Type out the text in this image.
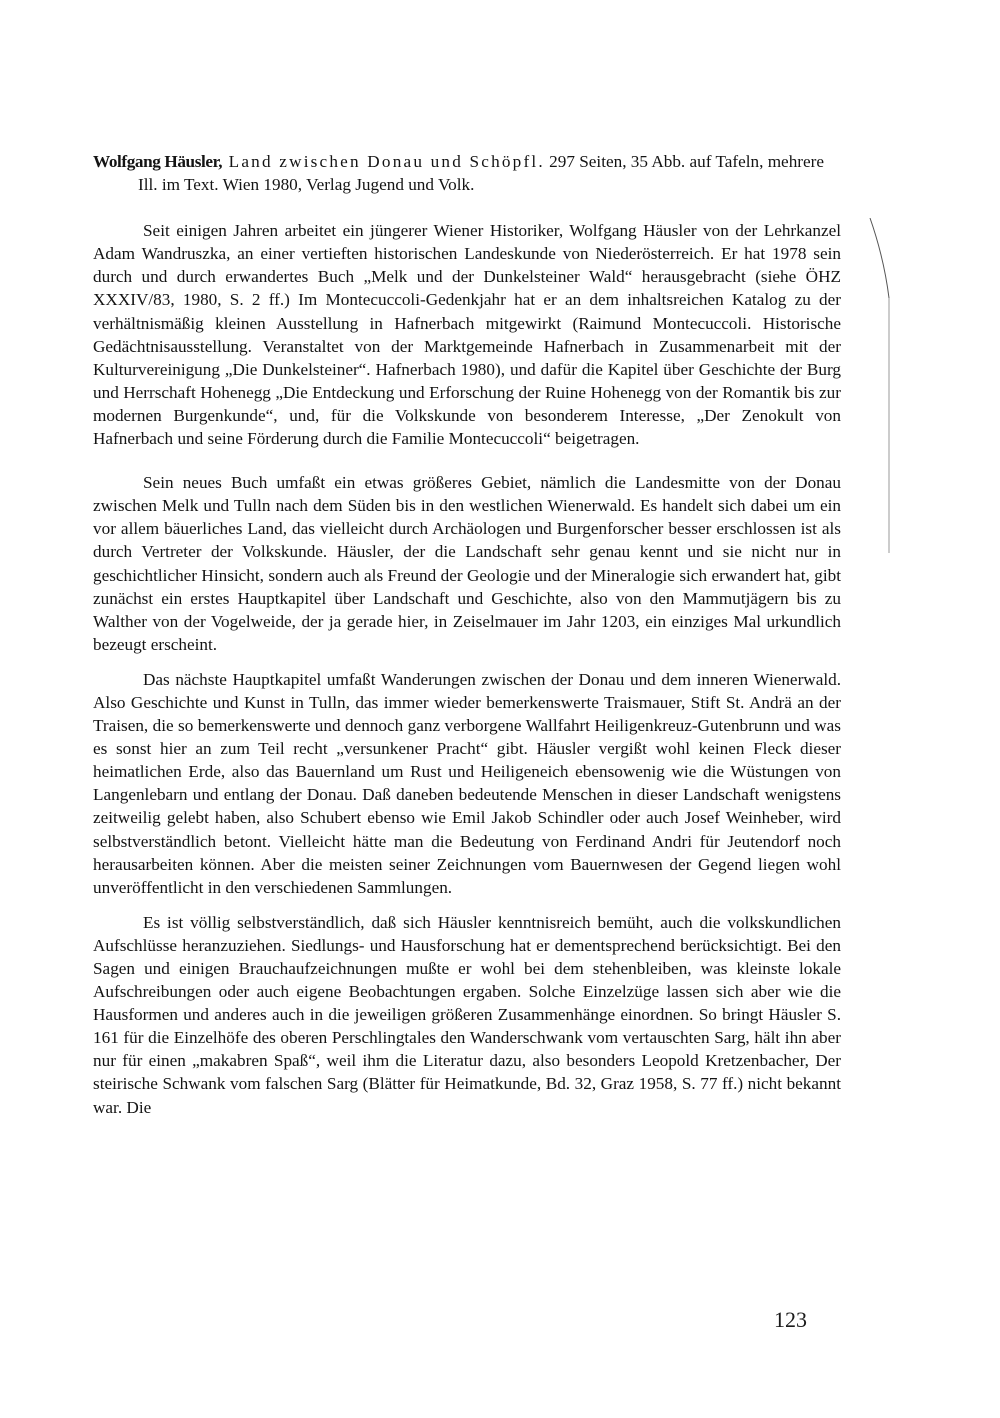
Wolfgang Häusler, Land zwischen Donau und Schöpfl. 297 Seiten, 35 Abb. auf Tafeln, mehrere Ill. im Text. Wien 1980, Verlag Jugend und Volk.

Seit einigen Jahren arbeitet ein jüngerer Wiener Historiker, Wolfgang Häusler von der Lehrkanzel Adam Wandruszka, an einer vertieften historischen Landeskunde von Niederösterreich. Er hat 1978 sein durch und durch erwandertes Buch „Melk und der Dunkelsteiner Wald“ herausgebracht (siehe ÖHZ XXXIV/83, 1980, S. 2 ff.) Im Montecuccoli-Gedenkjahr hat er an dem inhaltsreichen Katalog zu der verhältnismäßig kleinen Ausstellung in Hafnerbach mitgewirkt (Raimund Montecuccoli. Historische Gedächtnisausstellung. Veranstaltet von der Marktgemeinde Hafnerbach in Zusammenarbeit mit der Kulturvereinigung „Die Dunkelsteiner“. Hafnerbach 1980), und dafür die Kapitel über Geschichte der Burg und Herrschaft Hohenegg „Die Entdeckung und Erforschung der Ruine Hohenegg von der Romantik bis zur modernen Burgenkunde“, und, für die Volkskunde von besonderem Interesse, „Der Zenokult von Hafnerbach und seine Förderung durch die Familie Montecuccoli“ beigetragen.

Sein neues Buch umfaßt ein etwas größeres Gebiet, nämlich die Landesmitte von der Donau zwischen Melk und Tulln nach dem Süden bis in den westlichen Wienerwald. Es handelt sich dabei um ein vor allem bäuerliches Land, das vielleicht durch Archäologen und Burgenforscher besser erschlossen ist als durch Vertreter der Volkskunde. Häusler, der die Landschaft sehr genau kennt und sie nicht nur in geschichtlicher Hinsicht, sondern auch als Freund der Geologie und der Mineralogie sich erwandert hat, gibt zunächst ein erstes Hauptkapitel über Landschaft und Geschichte, also von den Mammutjägern bis zu Walther von der Vogelweide, der ja gerade hier, in Zeiselmauer im Jahr 1203, ein einziges Mal urkundlich bezeugt erscheint.

Das nächste Hauptkapitel umfaßt Wanderungen zwischen der Donau und dem inneren Wienerwald. Also Geschichte und Kunst in Tulln, das immer wieder bemerkenswerte Traismauer, Stift St. Andrä an der Traisen, die so bemerkenswerte und dennoch ganz verborgene Wallfahrt Heiligenkreuz-Gutenbrunn und was es sonst hier an zum Teil recht „versunkener Pracht“ gibt. Häusler vergißt wohl keinen Fleck dieser heimatlichen Erde, also das Bauernland um Rust und Heiligeneich ebensowenig wie die Wüstungen von Langenlebarn und entlang der Donau. Daß daneben bedeutende Menschen in dieser Landschaft wenigstens zeitweilig gelebt haben, also Schubert ebenso wie Emil Jakob Schindler oder auch Josef Weinheber, wird selbstverständlich betont. Vielleicht hätte man die Bedeutung von Ferdinand Andri für Jeutendorf noch herausarbeiten können. Aber die meisten seiner Zeichnungen vom Bauernwesen der Gegend liegen wohl unveröffentlicht in den verschiedenen Sammlungen.

Es ist völlig selbstverständlich, daß sich Häusler kenntnisreich bemüht, auch die volkskundlichen Aufschlüsse heranzuziehen. Siedlungs- und Hausforschung hat er dementsprechend berücksichtigt. Bei den Sagen und einigen Brauchaufzeichnungen mußte er wohl bei dem stehenbleiben, was kleinste lokale Aufschreibungen oder auch eigene Beobachtungen ergaben. Solche Einzelzüge lassen sich aber wie die Hausformen und anderes auch in die jeweiligen größeren Zusammenhänge einordnen. So bringt Häusler S. 161 für die Einzelhöfe des oberen Perschlingtales den Wanderschwank vom vertauschten Sarg, hält ihn aber nur für einen „makabren Spaß“, weil ihm die Literatur dazu, also besonders Leopold Kretzenbacher, Der steirische Schwank vom falschen Sarg (Blätter für Heimatkunde, Bd. 32, Graz 1958, S. 77 ff.) nicht bekannt war. Die

123
